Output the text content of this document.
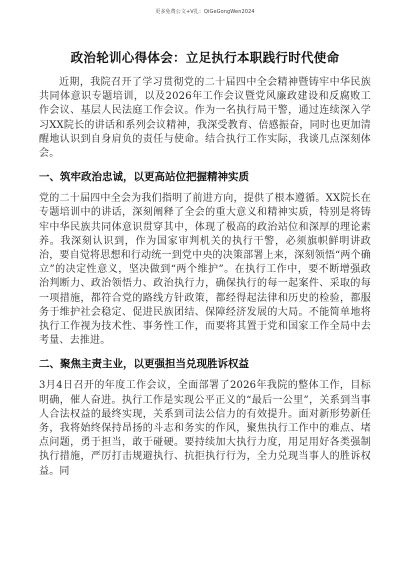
更多免费公文+V扎：QiGeGongWen2024
政治轮训心得体会：立足执行本职践行时代使命

近期，我院召开了学习贯彻党的二十届四中全会精神暨铸牢中华民族共同体意识专题培训，以及2026年工作会议暨党风廉政建设和反腐败工作会议、基层人民法庭工作会议。作为一名执行局干警，通过连续深入学习XX院长的讲话和系列会议精神，我深受教育、倍感振奋，同时也更加清醒地认识到自身肩负的责任与使命。结合执行工作实际，我谈几点深刻体会。

一、筑牢政治忠诚，以更高站位把握精神实质

党的二十届四中全会为我们指明了前进方向，提供了根本遵循。XX院长在专题培训中的讲话，深刻阐释了全会的重大意义和精神实质，特别是将铸牢中华民族共同体意识贯穿其中，体现了极高的政治站位和深厚的理论素养。我深刻认识到，作为国家审判机关的执行干警，必须旗帜鲜明讲政治，要自觉将思想和行动统一到党中央的决策部署上来，深刻领悟“两个确立”的决定性意义，坚决做到“两个维护”。在执行工作中，要不断增强政治判断力、政治领悟力、政治执行力，确保执行的每一起案件、采取的每一项措施，都符合党的路线方针政策，都经得起法律和历史的检验，都服务于维护社会稳定、促进民族团结、保障经济发展的大局。不能简单地将执行工作视为技术性、事务性工作，而要将其置于党和国家工作全局中去考量、去推进。

二、聚焦主责主业，以更强担当兑现胜诉权益

3月4日召开的年度工作会议，全面部署了2026年我院的整体工作，目标明确，催人奋进。执行工作是实现公平正义的“最后一公里”，关系到当事人合法权益的最终实现，关系到司法公信力的有效提升。面对新形势新任务，我将始终保持昂扬的斗志和务实的作风，聚焦执行工作中的难点、堵点问题，勇于担当，敢于碰硬。要持续加大执行力度，用足用好各类强制执行措施，严厉打击规避执行、抗拒执行行为，全力兑现当事人的胜诉权益。同
